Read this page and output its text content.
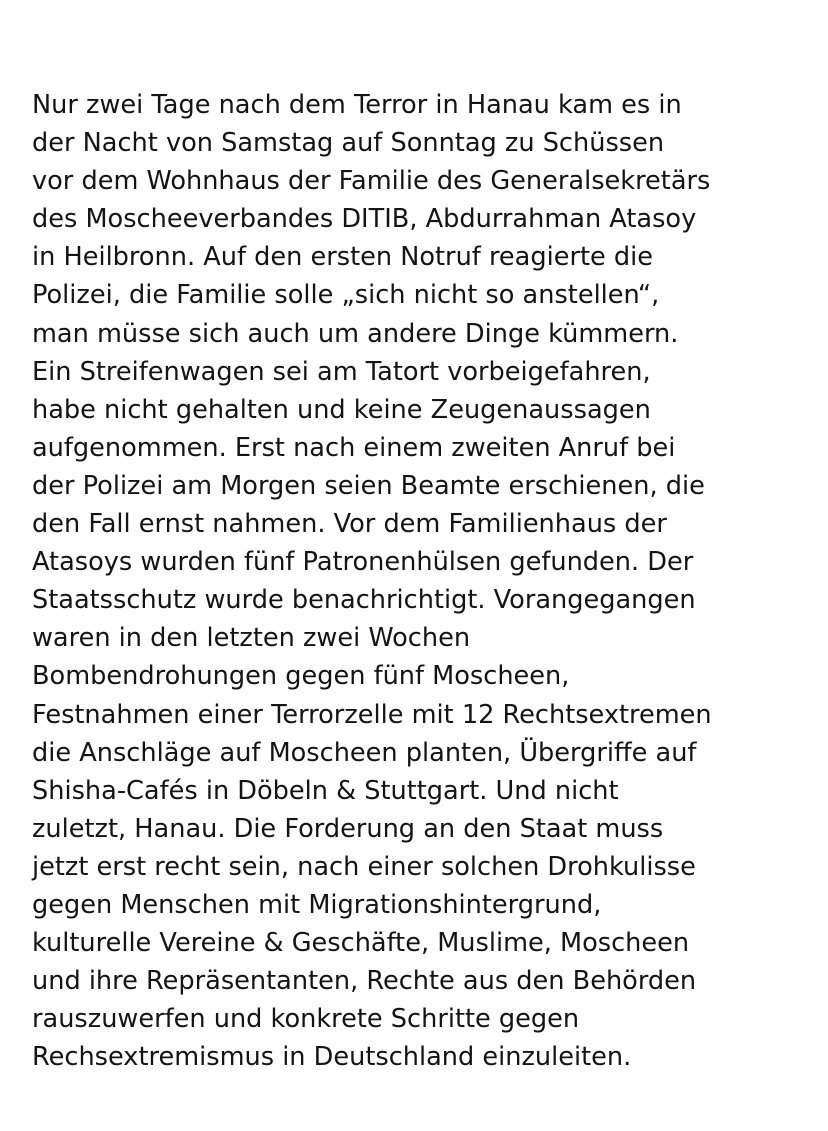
Nur zwei Tage nach dem Terror in Hanau kam es in
der Nacht von Samstag auf Sonntag zu Schüssen
vor dem Wohnhaus der Familie des Generalsekretärs
des Moscheeverbandes DITIB, Abdurrahman Atasoy
in Heilbronn. Auf den ersten Notruf reagierte die
Polizei, die Familie solle „sich nicht so anstellen“,
man müsse sich auch um andere Dinge kümmern.
Ein Streifenwagen sei am Tatort vorbeigefahren,
habe nicht gehalten und keine Zeugenaussagen
aufgenommen. Erst nach einem zweiten Anruf bei
der Polizei am Morgen seien Beamte erschienen, die
den Fall ernst nahmen. Vor dem Familienhaus der
Atasoys wurden fünf Patronenhülsen gefunden. Der
Staatsschutz wurde benachrichtigt. Vorangegangen
waren in den letzten zwei Wochen
Bombendrohungen gegen fünf Moscheen,
Festnahmen einer Terrorzelle mit 12 Rechtsextremen
die Anschläge auf Moscheen planten, Übergriffe auf
Shisha-Cafés in Döbeln & Stuttgart. Und nicht
zuletzt, Hanau. Die Forderung an den Staat muss
jetzt erst recht sein, nach einer solchen Drohkulisse
gegen Menschen mit Migrationshintergrund,
kulturelle Vereine & Geschäfte, Muslime, Moscheen
und ihre Repräsentanten, Rechte aus den Behörden
rauszuwerfen und konkrete Schritte gegen
Rechsextremismus in Deutschland einzuleiten.
